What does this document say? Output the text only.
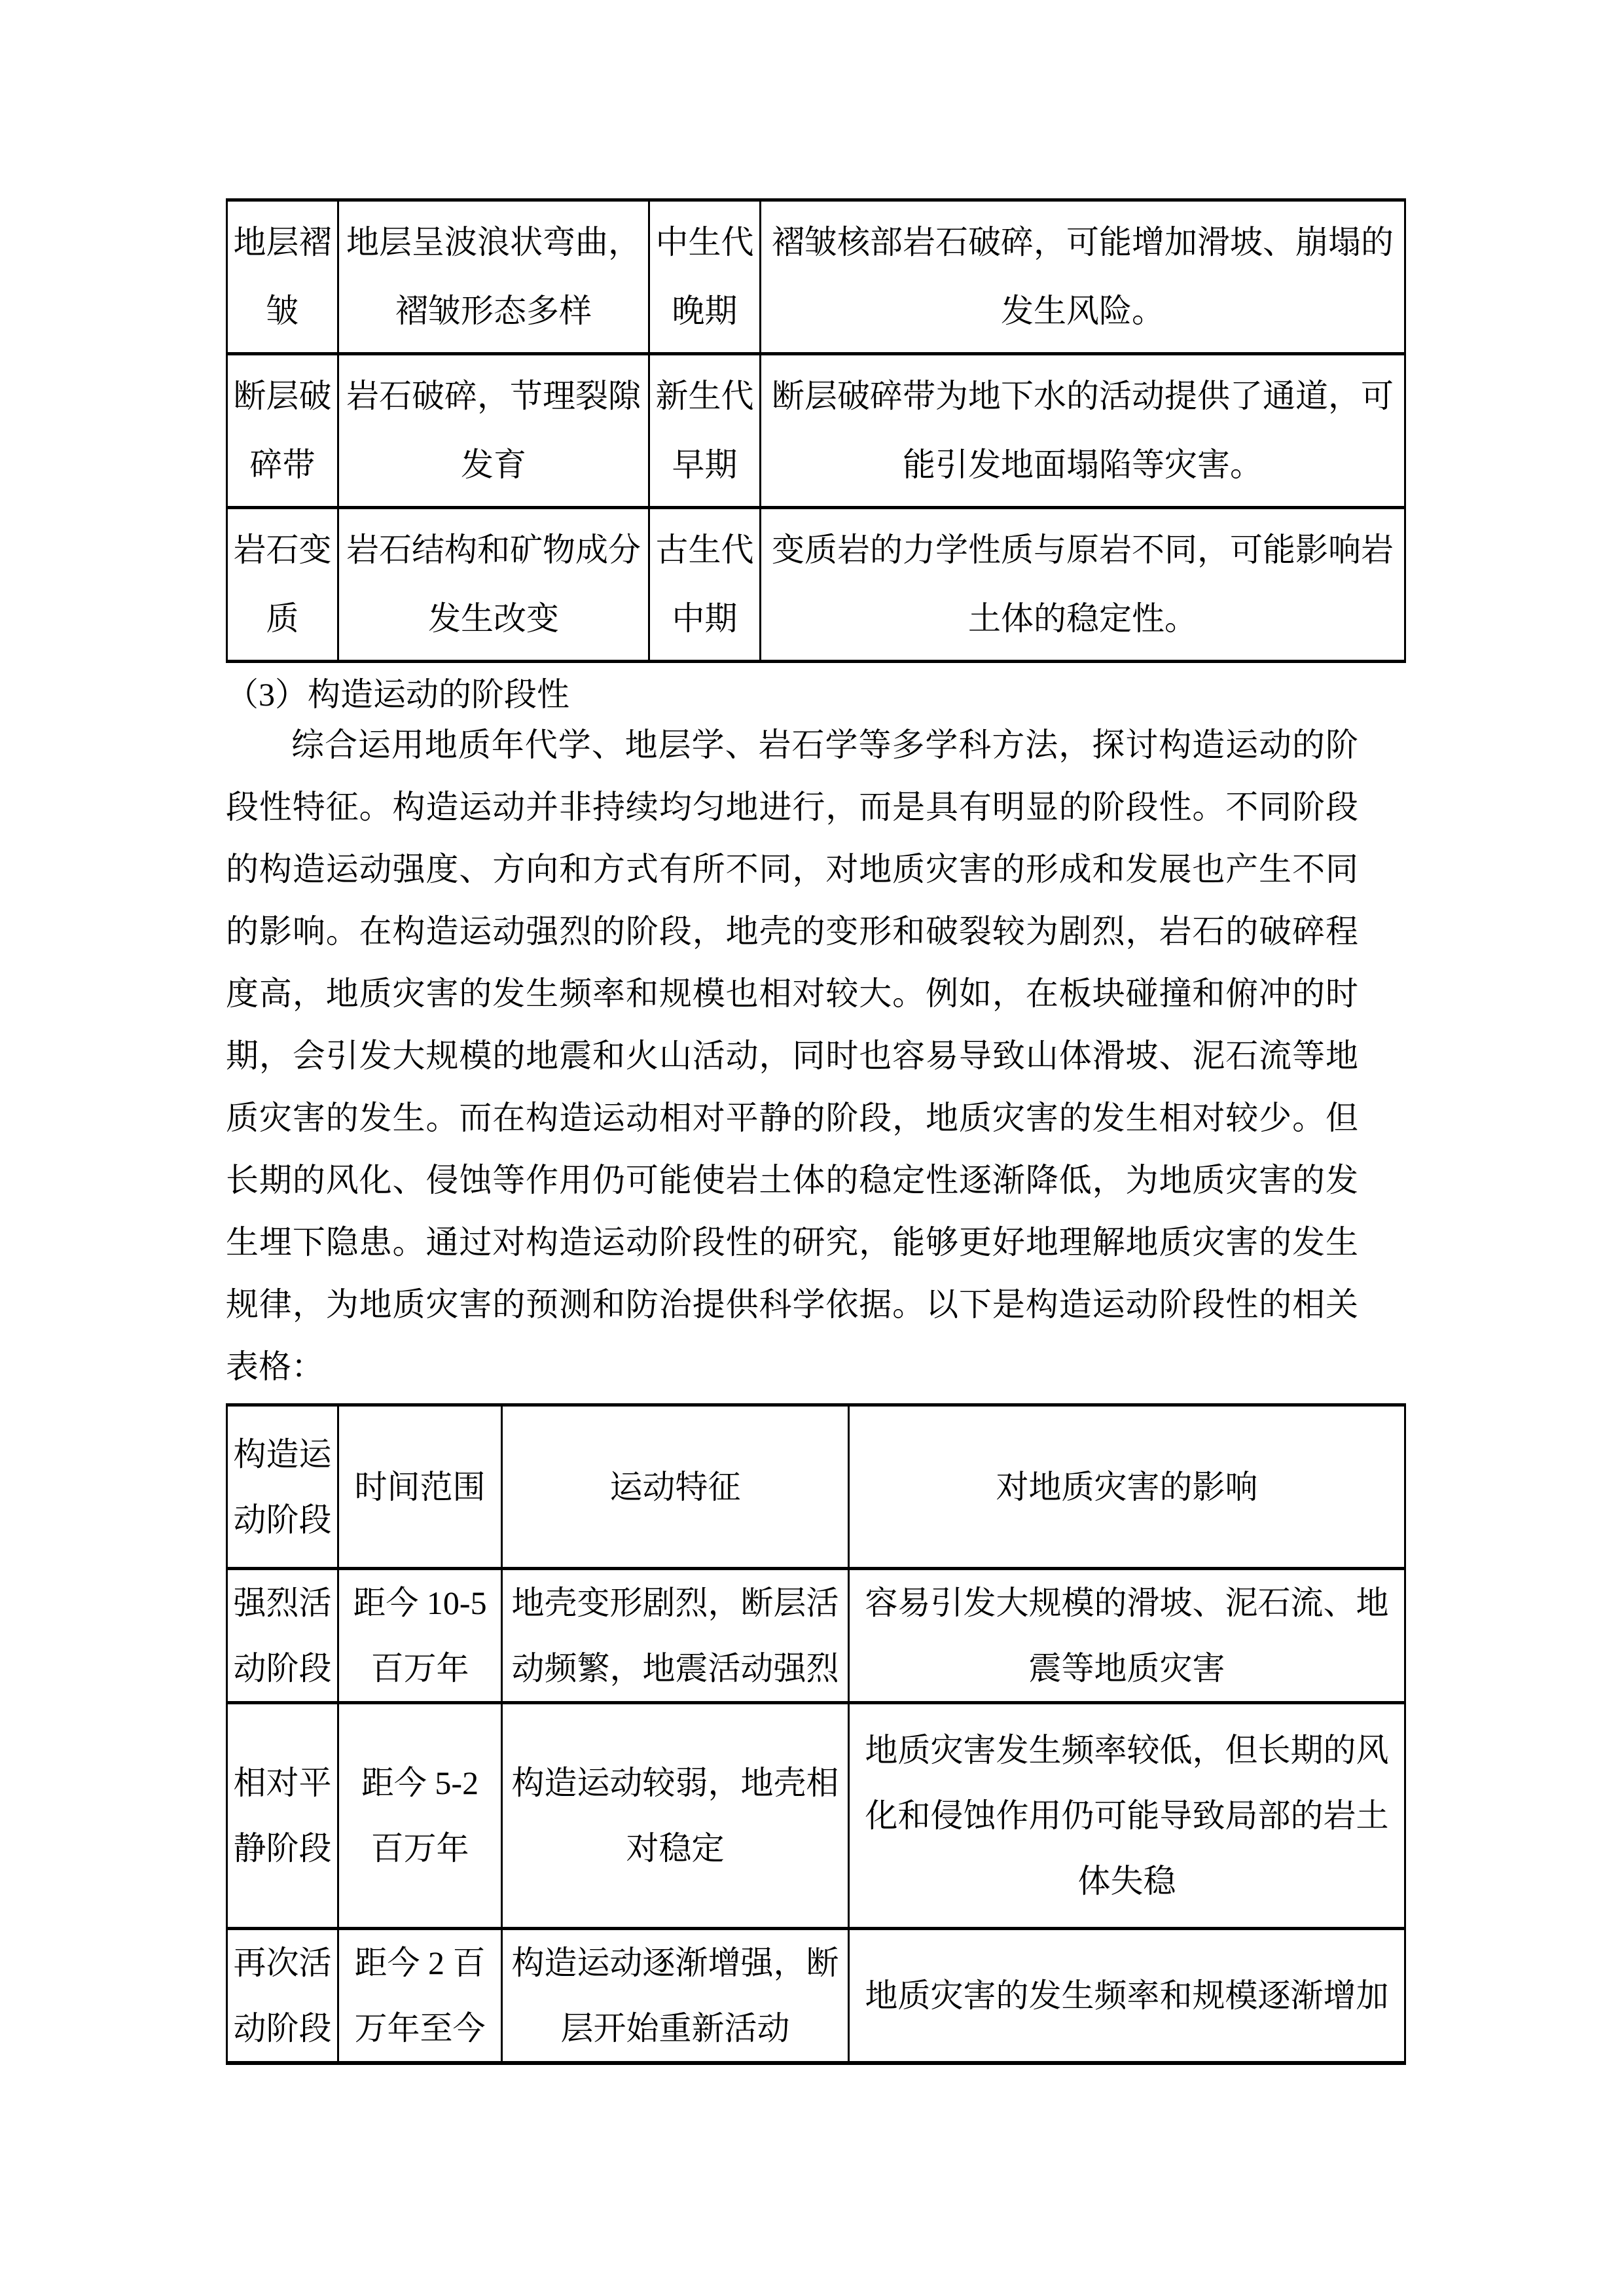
地层褶皱	地层呈波浪状弯曲，褶皱形态多样	中生代晚期	褶皱核部岩石破碎，可能增加滑坡、崩塌的发生风险。
断层破碎带	岩石破碎，节理裂隙发育	新生代早期	断层破碎带为地下水的活动提供了通道，可能引发地面塌陷等灾害。
岩石变质	岩石结构和矿物成分发生改变	古生代中期	变质岩的力学性质与原岩不同，可能影响岩土体的稳定性。
（3）构造运动的阶段性

综合运用地质年代学、地层学、岩石学等多学科方法，探讨构造运动的阶段性特征。构造运动并非持续均匀地进行，而是具有明显的阶段性。不同阶段的构造运动强度、方向和方式有所不同，对地质灾害的形成和发展也产生不同的影响。在构造运动强烈的阶段，地壳的变形和破裂较为剧烈，岩石的破碎程度高，地质灾害的发生频率和规模也相对较大。例如，在板块碰撞和俯冲的时期，会引发大规模的地震和火山活动，同时也容易导致山体滑坡、泥石流等地质灾害的发生。而在构造运动相对平静的阶段，地质灾害的发生相对较少。但长期的风化、侵蚀等作用仍可能使岩土体的稳定性逐渐降低，为地质灾害的发生埋下隐患。通过对构造运动阶段性的研究，能够更好地理解地质灾害的发生规律，为地质灾害的预测和防治提供科学依据。以下是构造运动阶段性的相关表格：

构造运动阶段	时间范围	运动特征	对地质灾害的影响
强烈活动阶段	距今 10-5 百万年	地壳变形剧烈，断层活动频繁，地震活动强烈	容易引发大规模的滑坡、泥石流、地震等地质灾害
相对平静阶段	距今 5-2 百万年	构造运动较弱，地壳相对稳定	地质灾害发生频率较低，但长期的风化和侵蚀作用仍可能导致局部的岩土体失稳
再次活动阶段	距今 2 百万年至今	构造运动逐渐增强，断层开始重新活动	地质灾害的发生频率和规模逐渐增加
